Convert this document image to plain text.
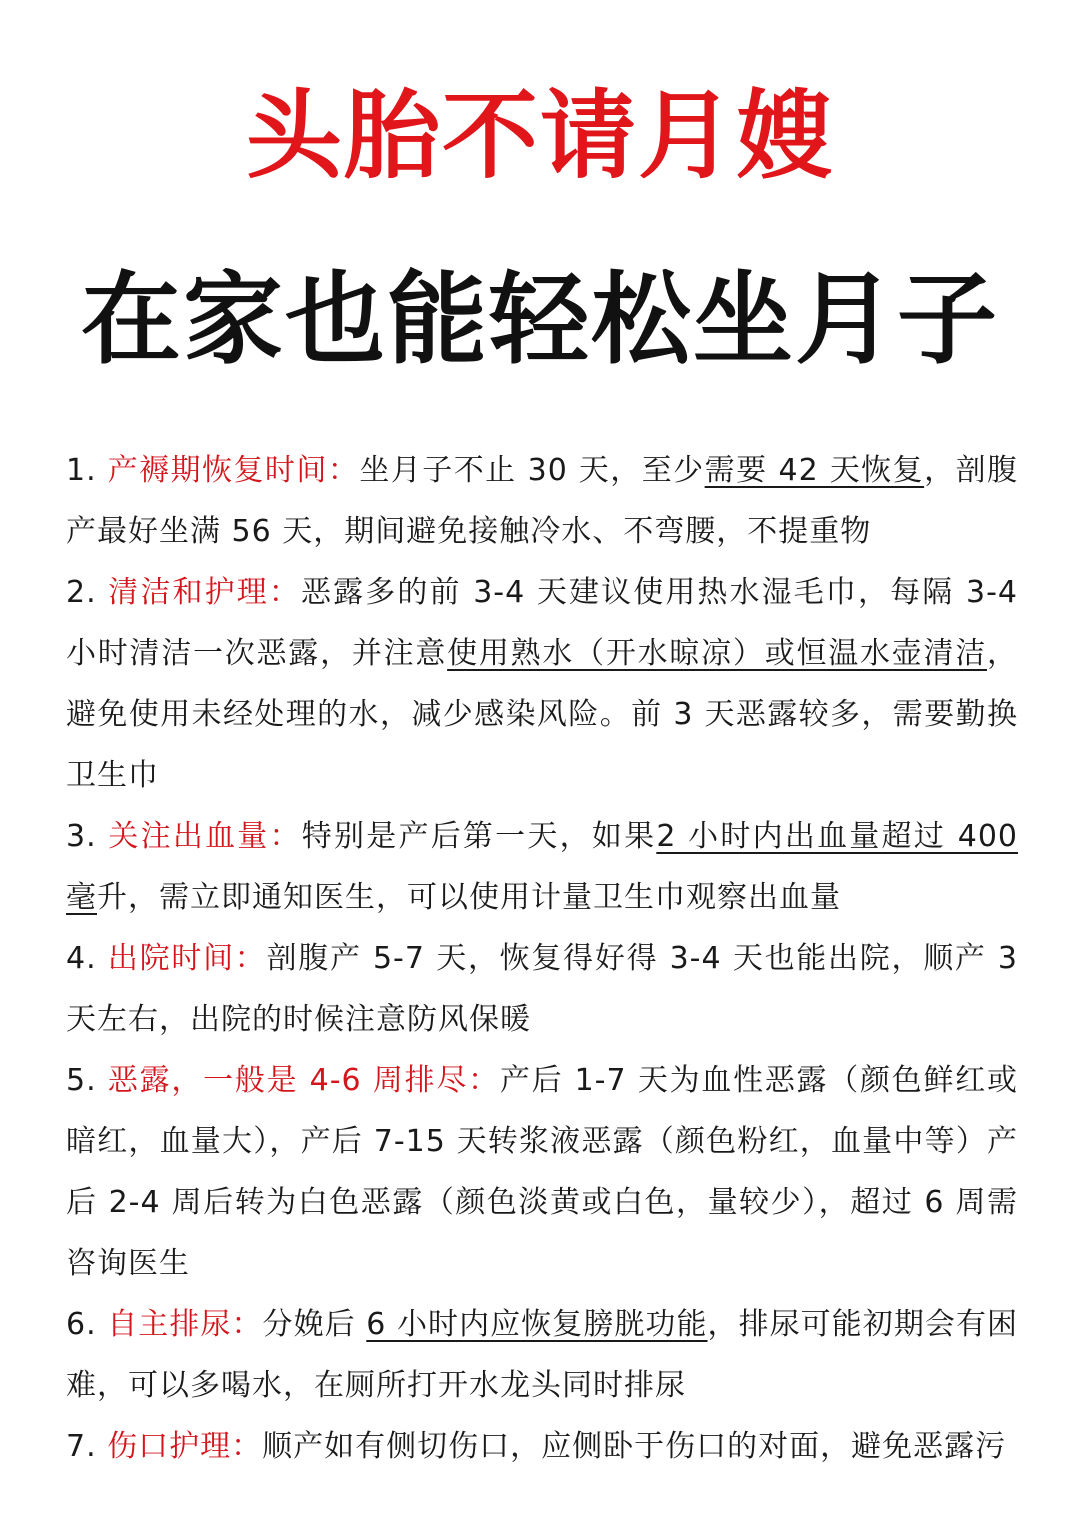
头胎不请月嫂
在家也能轻松坐月子

1. 产褥期恢复时间：坐月子不止 30 天，至少需要 42 天恢复，剖腹产最好坐满 56 天，期间避免接触冷水、不弯腰，不提重物

2. 清洁和护理：恶露多的前 3-4 天建议使用热水湿毛巾，每隔 3-4 小时清洁一次恶露，并注意使用熟水（开水晾凉）或恒温水壶清洁，避免使用未经处理的水，减少感染风险。前 3 天恶露较多，需要勤换卫生巾

3. 关注出血量：特别是产后第一天，如果2 小时内出血量超过 400 毫升，需立即通知医生，可以使用计量卫生巾观察出血量

4. 出院时间：剖腹产 5-7 天，恢复得好得 3-4 天也能出院，顺产 3 天左右，出院的时候注意防风保暖

5. 恶露，一般是 4-6 周排尽：产后 1-7 天为血性恶露（颜色鲜红或暗红，血量大），产后 7-15 天转浆液恶露（颜色粉红，血量中等）产后 2-4 周后转为白色恶露（颜色淡黄或白色，量较少），超过 6 周需咨询医生

6. 自主排尿：分娩后 6 小时内应恢复膀胱功能，排尿可能初期会有困难，可以多喝水，在厕所打开水龙头同时排尿

7. 伤口护理：顺产如有侧切伤口，应侧卧于伤口的对面，避免恶露污
